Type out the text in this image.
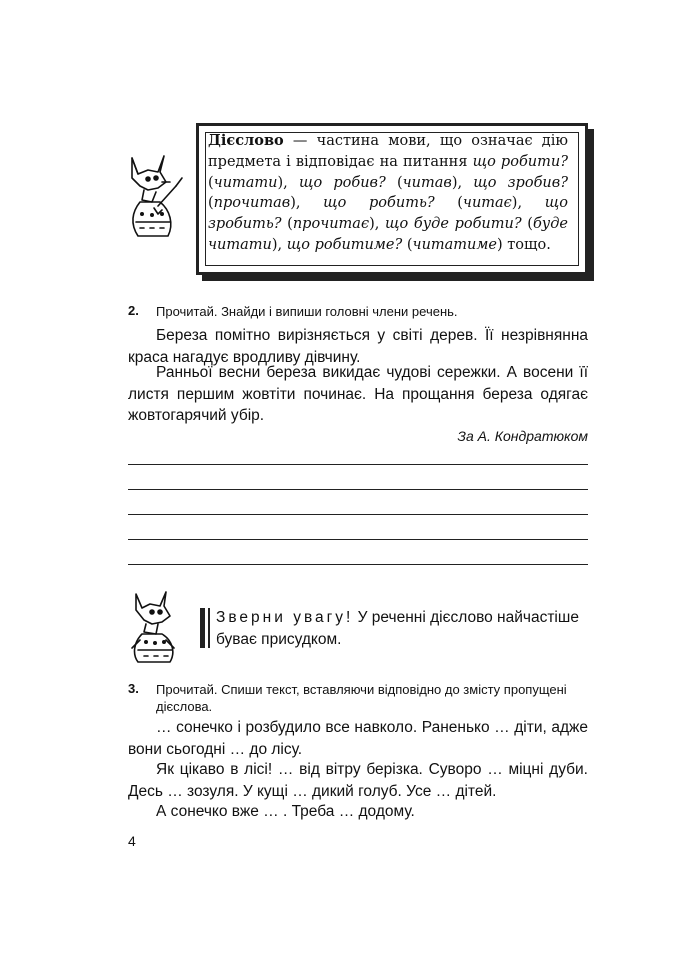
Дієслово — частина мови, що означає дію предмета і відповідає на питання що робити? (читати), що робив? (читав), що зробив? (прочитав), що робить? (читає), що зробить? (прочитає), що буде робити? (буде читати), що робитиме? (читатиме) тощо.
2. Прочитай. Знайди і випиши головні члени речень.

Береза помітно вирізняється у світі дерев. Її незрівнянна краса нагадує вродливу дівчину.

Ранньої весни береза викидає чудові сережки. А восени її листя першим жовтіти починає. На прощання береза одягає жовтогарячий убір.

За А. Кондратюком
Зверни увагу! У реченні дієслово найчастіше буває присудком.
3. Прочитай. Спиши текст, вставляючи відповідно до змісту пропущені дієслова.

… сонечко і розбудило все навколо. Раненько … діти, адже вони сьогодні … до лісу.

Як цікаво в лісі! … від вітру берізка. Суворо … міцні дуби. Десь … зозуля. У кущі … дикий голуб. Усе … дітей.

А сонечко вже … . Треба … додому.

4
